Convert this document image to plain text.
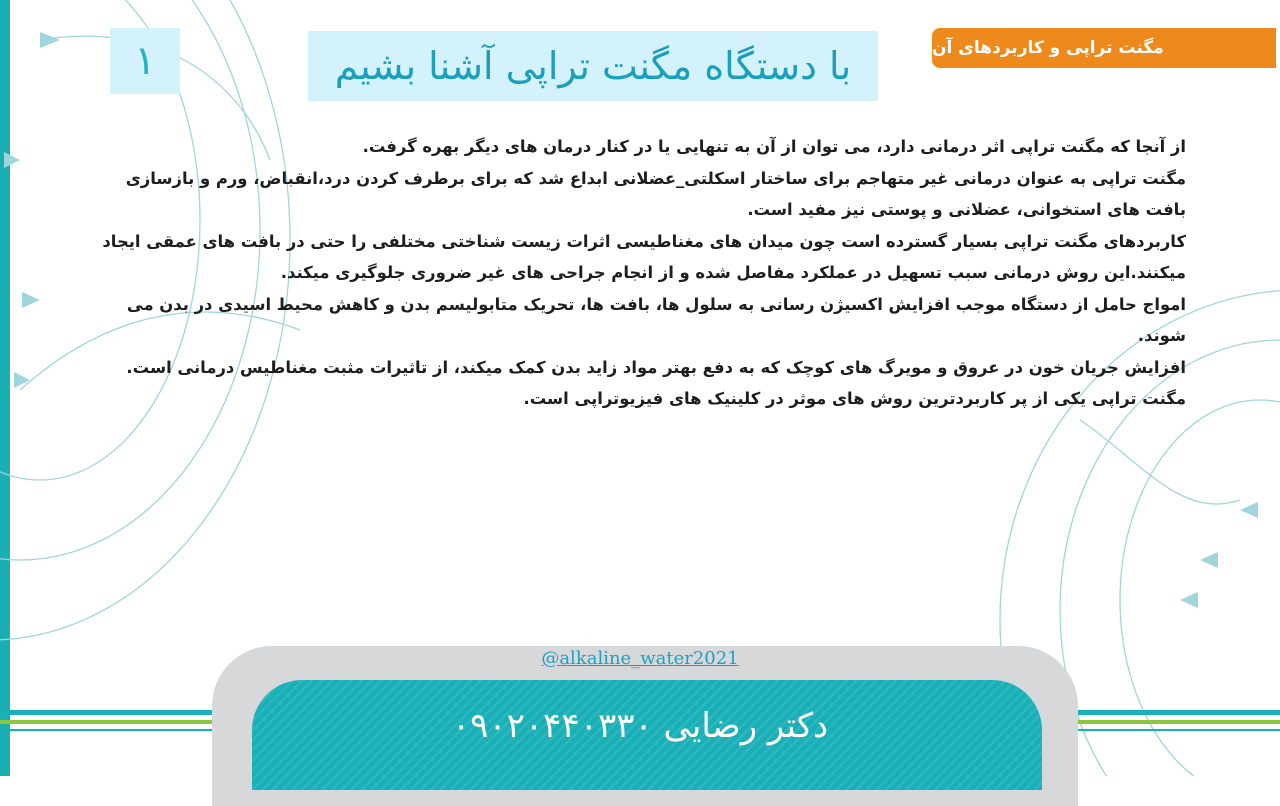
مگنت تراپی و کاربردهای آن
۱	با دستگاه مگنت تراپی آشنا بشیم

از آنجا که مگنت تراپی اثر درمانی دارد، می توان از آن به تنهایی یا در کنار درمان های دیگر بهره گرفت.

مگنت تراپی به عنوان درمانی غیر متهاجم برای ساختار اسکلتی_عضلانی ابداع شد که برای برطرف کردن درد،انقباض، ورم و بازسازی بافت های استخوانی، عضلانی و پوستی نیز مفید است.

کاربردهای مگنت تراپی بسیار گسترده است چون میدان های مغناطیسی اثرات زیست شناختی مختلفی را حتی در بافت های عمقی ایجاد میکنند.این روش درمانی سبب تسهیل در عملکرد مفاصل شده و از انجام جراحی های غیر ضروری جلوگیری میکند.

امواج حامل از دستگاه موجب افزایش اکسیژن رسانی به سلول ها، بافت ها، تحریک متابولیسم بدن و کاهش محیط اسیدی در بدن می شوند.

افزایش جریان خون در عروق و مویرگ های کوچک که به دفع بهتر مواد زاید بدن کمک میکند، از تاثیرات مثبت مغناطیس درمانی است.

مگنت تراپی یکی از پر کاربردترین روش های موثر در کلینیک های فیزیوتراپی است.

@alkaline_water2021
دکتر رضایی ۰۹۰۲۰۴۴۰۳۳۰
